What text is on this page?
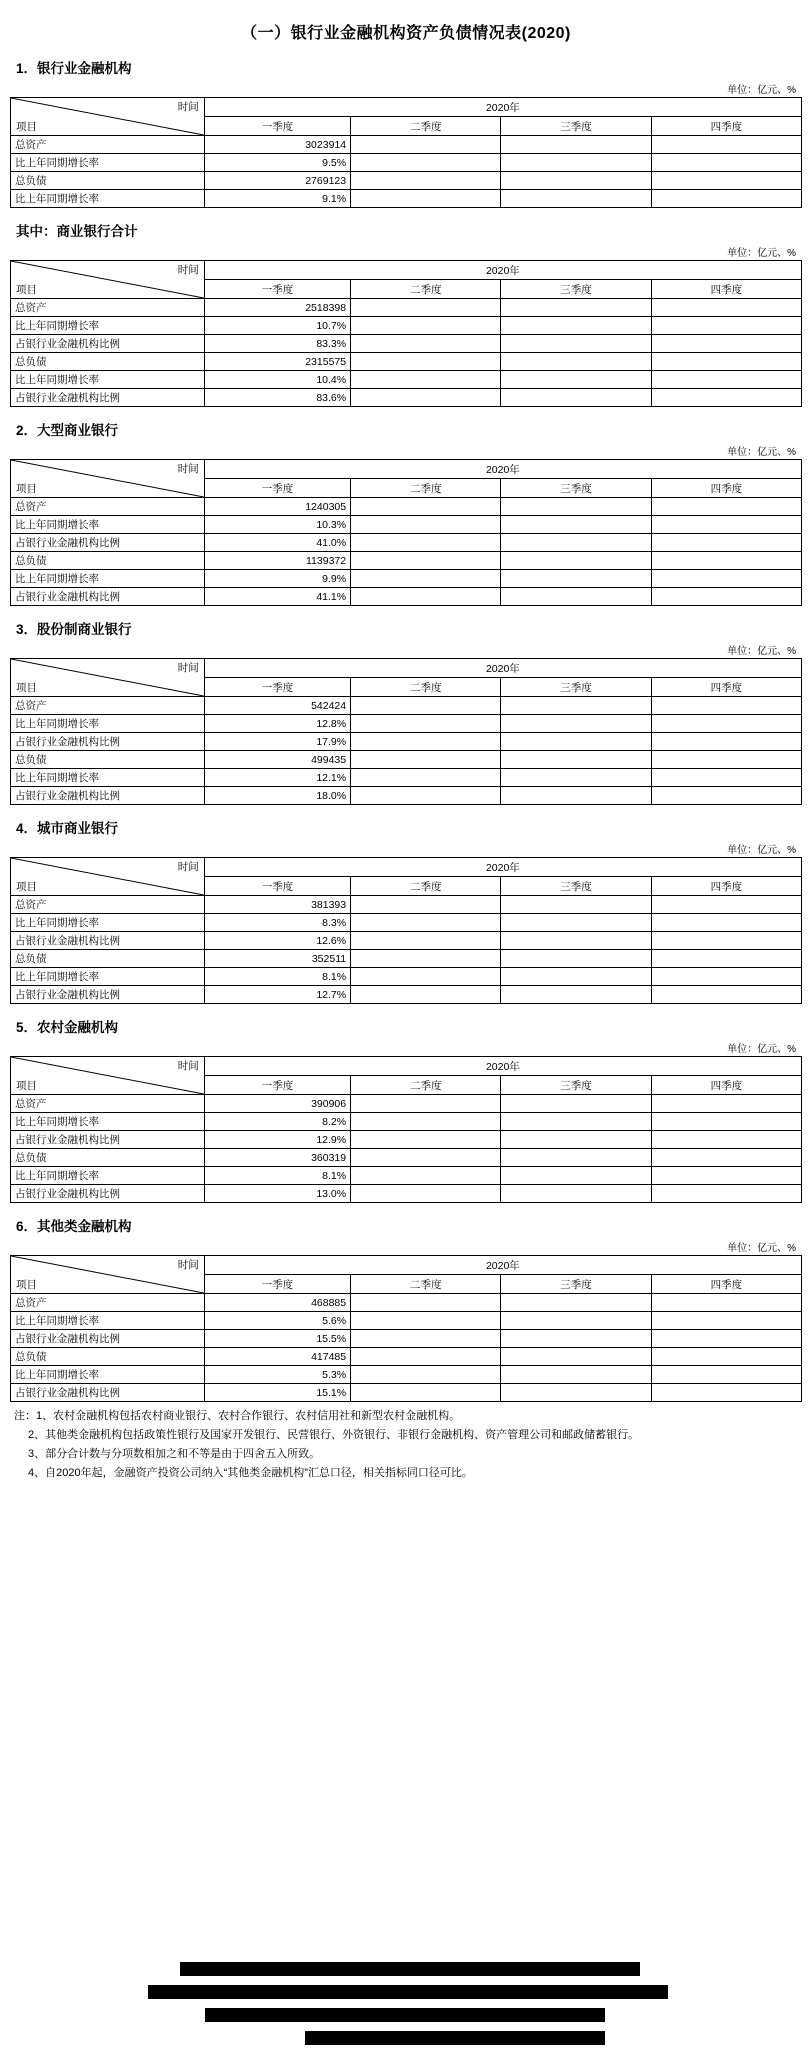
（一）银行业金融机构资产负债情况表(2020)
1．银行业金融机构
单位：亿元、%
时间
项目	2020年			
	一季度	二季度	三季度	四季度
总资产	3023914			
比上年同期增长率	9.5%			
总负债	2769123			
比上年同期增长率	9.1%			
其中：商业银行合计
单位：亿元、%
时间
项目	2020年			
	一季度	二季度	三季度	四季度
总资产	2518398			
比上年同期增长率	10.7%			
占银行业金融机构比例	83.3%			
总负债	2315575			
比上年同期增长率	10.4%			
占银行业金融机构比例	83.6%			
2．大型商业银行
单位：亿元、%
时间
项目	2020年			
	一季度	二季度	三季度	四季度
总资产	1240305			
比上年同期增长率	10.3%			
占银行业金融机构比例	41.0%			
总负债	1139372			
比上年同期增长率	9.9%			
占银行业金融机构比例	41.1%			
3．股份制商业银行
单位：亿元、%
时间
项目	2020年			
	一季度	二季度	三季度	四季度
总资产	542424			
比上年同期增长率	12.8%			
占银行业金融机构比例	17.9%			
总负债	499435			
比上年同期增长率	12.1%			
占银行业金融机构比例	18.0%			
4．城市商业银行
单位：亿元、%
时间
项目	2020年			
	一季度	二季度	三季度	四季度
总资产	381393			
比上年同期增长率	8.3%			
占银行业金融机构比例	12.6%			
总负债	352511			
比上年同期增长率	8.1%			
占银行业金融机构比例	12.7%			
5．农村金融机构
单位：亿元、%
时间
项目	2020年			
	一季度	二季度	三季度	四季度
总资产	390906			
比上年同期增长率	8.2%			
占银行业金融机构比例	12.9%			
总负债	360319			
比上年同期增长率	8.1%			
占银行业金融机构比例	13.0%			
6．其他类金融机构
单位：亿元、%
时间
项目	2020年			
	一季度	二季度	三季度	四季度
总资产	468885			
比上年同期增长率	5.6%			
占银行业金融机构比例	15.5%			
总负债	417485			
比上年同期增长率	5.3%			
占银行业金融机构比例	15.1%			
注：1、农村金融机构包括农村商业银行、农村合作银行、农村信用社和新型农村金融机构。
2、其他类金融机构包括政策性银行及国家开发银行、民营银行、外资银行、非银行金融机构、资产管理公司和邮政储蓄银行。
3、部分合计数与分项数相加之和不等是由于四舍五入所致。
4、自2020年起，金融资产投资公司纳入“其他类金融机构”汇总口径，相关指标同口径可比。
